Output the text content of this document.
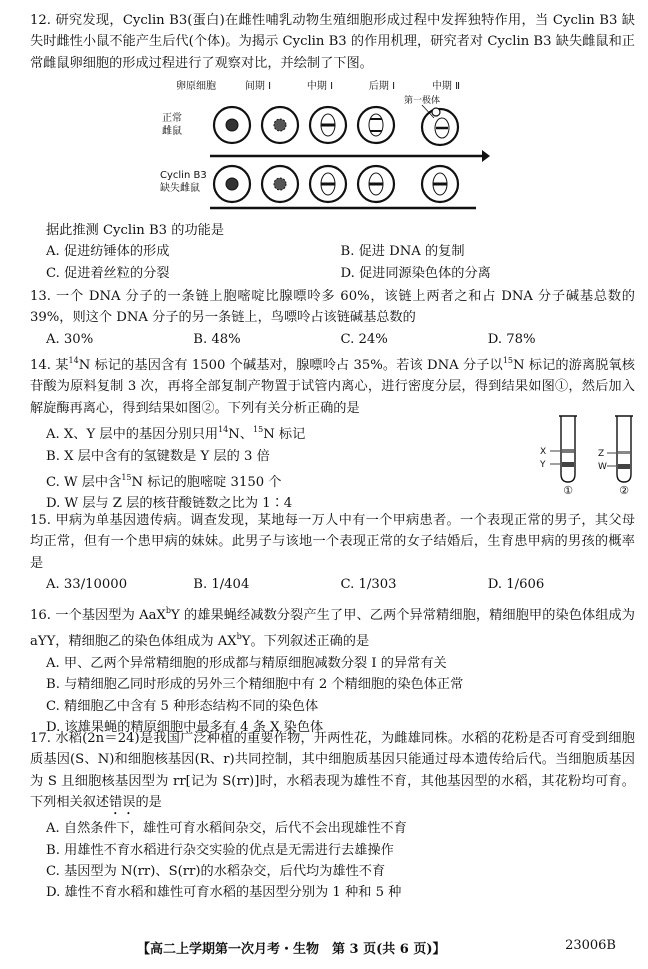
12. 研究发现，Cyclin B3(蛋白)在雌性哺乳动物生殖细胞形成过程中发挥独特作用，当 Cyclin B3 缺失时雌性小鼠不能产生后代(个体)。为揭示 Cyclin B3 的作用机理，研究者对 Cyclin B3 缺失雌鼠和正常雌鼠卵细胞的形成过程进行了观察对比，并绘制了下图。

卵原细胞	间期 Ⅰ	中期 Ⅰ	后期 Ⅰ	中期 Ⅱ
第一极体
正常
雌鼠
Cyclin B3
缺失雌鼠

据此推测 Cyclin B3 的功能是

A. 促进纺锤体的形成	B. 促进 DNA 的复制
C. 促进着丝粒的分裂	D. 促进同源染色体的分离

13. 一个 DNA 分子的一条链上胞嘧啶比腺嘌呤多 60%，该链上两者之和占 DNA 分子碱基总数的 39%，则这个 DNA 分子的另一条链上，鸟嘌呤占该链碱基总数的

A. 30%	B. 48%	C. 24%	D. 78%

14. 某$^{14}$N 标记的基因含有 1500 个碱基对，腺嘌呤占 35%。若该 DNA 分子以$^{15}$N 标记的游离脱氧核苷酸为原料复制 3 次，再将全部复制产物置于试管内离心，进行密度分层，得到结果如图①，然后加入解旋酶再离心，得到结果如图②。下列有关分析正确的是

A. X、Y 层中的基因分别只用$^{14}$N、$^{15}$N 标记
B. X 层中含有的氢键数是 Y 层的 3 倍
C. W 层中含$^{15}$N 标记的胞嘧啶 3150 个
D. W 层与 Z 层的核苷酸链数之比为 1∶4
X
Y
Z
W
①	②

15. 甲病为单基因遗传病。调查发现，某地每一万人中有一个甲病患者。一个表现正常的男子，其父母均正常，但有一个患甲病的妹妹。此男子与该地一个表现正常的女子结婚后，生育患甲病的男孩的概率是

A. 33/10000	B. 1/404	C. 1/303	D. 1/606

16. 一个基因型为 AaX$^b$Y 的雄果蝇经减数分裂产生了甲、乙两个异常精细胞，精细胞甲的染色体组成为 aYY，精细胞乙的染色体组成为 $AX^bY$。下列叙述正确的是

A. 甲、乙两个异常精细胞的形成都与精原细胞减数分裂 Ⅰ 的异常有关
B. 与精细胞乙同时形成的另外三个精细胞中有 2 个精细胞的染色体正常
C. 精细胞乙中含有 5 种形态结构不同的染色体
D. 该雄果蝇的精原细胞中最多有 4 条 X 染色体

17. 水稻(2n＝24)是我国广泛种植的重要作物，开两性花，为雌雄同株。水稻的花粉是否可育受到细胞质基因(S、N)和细胞核基因(R、r)共同控制，其中细胞质基因只能通过母本遗传给后代。当细胞质基因为 S 且细胞核基因型为 rr[记为 S(rr)]时，水稻表现为雄性不育，其他基因型的水稻，其花粉均可育。下列相关叙述错误的是

A. 自然条件下，雄性可育水稻间杂交，后代不会出现雄性不育
B. 用雄性不育水稻进行杂交实验的优点是无需进行去雄操作
C. 基因型为 N(rr)、S(rr)的水稻杂交，后代均为雄性不育
D. 雄性不育水稻和雄性可育水稻的基因型分别为 1 种和 5 种
【高二上学期第一次月考・生物　第 3 页(共 6 页)】	23006B
